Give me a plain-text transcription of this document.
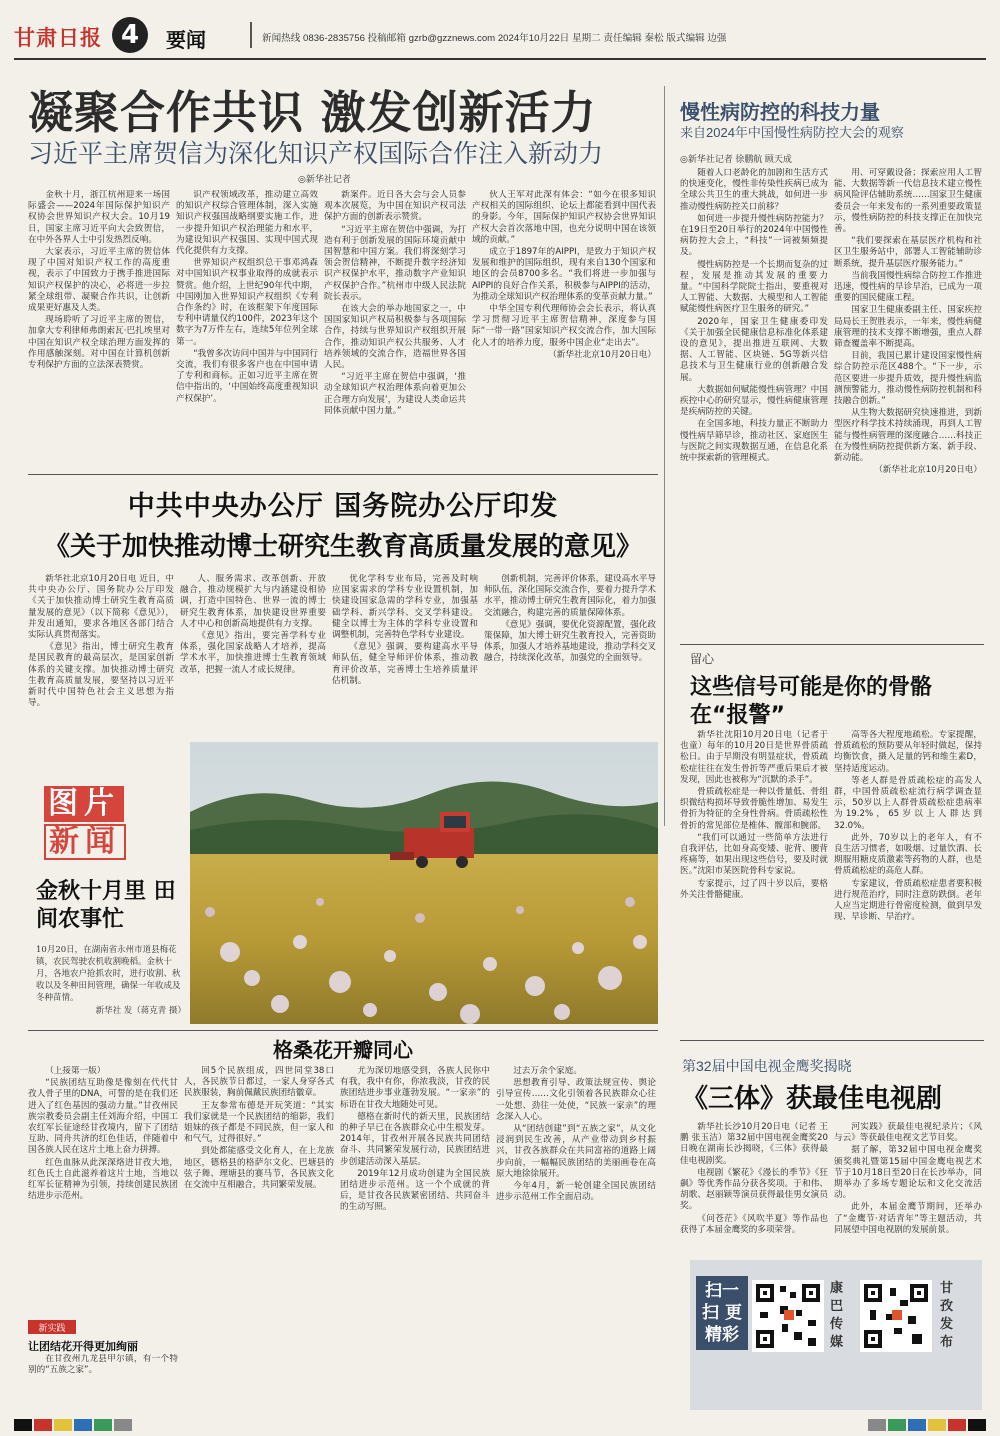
甘肃日报 4	要闻	新闻热线 0836-2835756 投稿邮箱 gzrb@gzznews.com 2024年10月22日 星期二 责任编辑 秦松 版式编辑 边强
凝聚合作共识 激发创新活力
习近平主席贺信为深化知识产权国际合作注入新动力
◎新华社记者

金秋十月，浙江杭州迎来一场国际盛会——2024年国际保护知识产权协会世界知识产权大会。10月19日，国家主席习近平向大会致贺信，在中外各界人士中引发热烈反响。

大家表示，习近平主席的贺信体现了中国对知识产权工作的高度重视，表示了中国致力于携手推进国际知识产权保护的决心，必将进一步拉紧全球组带、凝聚合作共识，让创新成果更好惠及人类。

现场聆听了习近平主席的贺信，加拿大专利律师弗朗索瓦·巴扎埃里对中国在知识产权全球治理方面发挥的作用感触深刻。对中国在计算机创新专利保护方面的立法深表赞赏。

识产权领域改革，推动建立高效的知识产权综合管理体制，深入实施知识产权强国战略纲要实施工作，进一步提升知识产权治理能力和水平，为建设知识产权强国、实现中国式现代化提供有力支撑。

世界知识产权组织总干事邓鸿森对中国知识产权事业取得的成就表示赞赏。他介绍，上世纪90年代中期，中国刚加入世界知识产权组织《专利合作条约》时，在该框架下年度国际专利申请量仅约100件，2023年这个数字为7万件左右，连续5年位列全球第一。

“我曾多次访问中国并与中国同行交流，我们有很多客户也在中国申请了专利和商标。正如习近平主席在贺信中指出的，‘中国始终高度重视知识产权保护’。

新案件。近日各大会与会人员参观本次展览，为中国在知识产权司法保护方面的创新表示赞赏。

“习近平主席在贺信中强调，为打造有利于创新发展的国际环境贡献中国智慧和中国方案。我们将深刻学习领会贺信精神，不断提升数字经济知识产权保护水平，推动数字产业知识产权保护合作。”杭州市中级人民法院院长表示。

在该大会的举办地国家之一，中国国家知识产权局积极参与各项国际合作，持续与世界知识产权组织开展合作，推动知识产权公共服务、人才培养领域的交流合作，造福世界各国人民。

“习近平主席在贺信中强调，‘推动全球知识产权治理体系向着更加公正合理方向发展’，为建设人类命运共同体贡献中国力量。”

伙人王军对此深有体会：“如今在很多知识产权相关的国际组织、论坛上都能看到中国代表的身影。今年，国际保护知识产权协会世界知识产权大会首次落地中国，也充分说明中国在该领域的贡献。”

成立于1897年的AIPPI，是致力于知识产权发展和维护的国际组织，现有来自130个国家和地区的会员8700多名。“我们将进一步加强与AIPPI的良好合作关系，积极参与AIPPI的活动，为推动全球知识产权治理体系的变革贡献力量。”

中华全国专利代理师协会会长表示，将认真学习贯彻习近平主席贺信精神，深度参与国际“一带一路”国家知识产权交流合作，加大国际化人才的培养力度，服务中国企业“走出去”。

（新华社北京10月20日电）

中共中央办公厅 国务院办公厅印发
《关于加快推动博士研究生教育高质量发展的意见》

新华社北京10月20日电 近日，中共中央办公厅、国务院办公厅印发《关于加快推动博士研究生教育高质量发展的意见》（以下简称《意见》），并发出通知，要求各地区各部门结合实际认真贯彻落实。

《意见》指出，博士研究生教育是国民教育的最高层次，是国家创新体系的关键支撑。加快推动博士研究生教育高质量发展，要坚持以习近平新时代中国特色社会主义思想为指导。

人、服务需求、改革创新、开放融合，推动规模扩大与内涵建设相协调，打造中国特色、世界一流的博士研究生教育体系，加快建设世界重要人才中心和创新高地提供有力支撑。

《意见》指出，要完善学科专业体系，强化国家战略人才培养，提高学术水平，加快推进博士生教育领域改革，把握一流人才成长规律。

优化学科专业布局，完善及时响应国家需求的学科专业设置机制，加快建设国家急需的学科专业，加强基础学科、新兴学科、交叉学科建设。健全以博士为主体的学科专业设置和调整机制，完善特色学科专业建设。

《意见》强调，要构建高水平导师队伍，健全导师评价体系，推动教育评价改革，完善博士生培养质量评估机制。

创新机制，完善评价体系，建设高水平导师队伍，深化国际交流合作，要着力提升学术水平，推动博士研究生教育国际化，着力加强交流融合，构建完善的质量保障体系。

《意见》强调，要优化资源配置，强化政策保障，加大博士研究生教育投入，完善资助体系，加强人才培养基地建设，推动学科交叉融合，持续深化改革，加强党的全面领导。

图片
新闻
金秋十月里 田间农事忙
10月20日，在湖南省永州市道县梅花镇，农民驾驶农机收割晚稻。金秋十月，各地农户抢抓农时，进行收割、秋收以及冬种田间管理，确保一年收成及冬种苗情。
新华社 发（蒋克青 摄）
格桑花开瓣同心

（上接第一版）

“民族团结互助像是像刻在代代甘孜人骨子里的DNA，可誓的是在我们还进入了红色基因的强动力量。”甘孜州民族宗教委员会副主任刘海介绍，中国工农红军长征途经甘孜境内，留下了团结互助、同舟共济的红色佳话，伴随着中国各族人民在这片土地上奋力拼搏。

红色血脉从此深深烙进甘孜大地，红色氏土自此滋养着这片土地，当地以红军长征精神为引领，持续创建民族团结进步示范州。

新实践
让团结花开得更加绚丽

在甘孜州九龙县甲尔镇，有一个特别的“五族之家”。

回5个民族组成，四世同堂38口人，各民族节日都过，一家人身穿各式民族服装，胸前佩戴民族团结徽章。

王友参常布德是开玩笑道：“其实我们家就是一个民族团结的缩影，我们姐妹的孩子都是不同民族，但一家人和和气气，过得很好。”

到处都能感受文化育人，在上龙族地区，德格县的格萨尔文化、巴塘县的弦子舞、理塘县的赛马节，各民族文化在交流中互相融合，共同繁荣发展。

尤为深切地感受到，各族人民你中有我，我中有你，你浓我淡，甘孜的民族团结进步事业蓬勃发展。“一家亲”的标语在甘孜大地随处可见。

德格在新时代的新天里，民族团结的种子早已在各族群众心中生根发芽。2014年，甘孜州开展各民族共同团结奋斗、共同繁荣发展行动，民族团结进步创建活动深入基层。

2019年12月成功创建为全国民族团结进步示范州。这一个个成就的背后，是甘孜各民族紧密团结、共同奋斗的生动写照。

过去万余个家庭。

思想教育引导、政策法规宣传、舆论引导宣传……文化引领着各民族群众心往一处想、劲往一处使，“民族一家亲”的理念深入人心。

从“团结创建”到“五族之家”，从文化浸润到民生改善，从产业带动到乡村振兴，甘孜各族群众在共同富裕的道路上阔步向前，一幅幅民族团结的美丽画卷在高原大地徐徐展开。

今年4月，新一轮创建全国民族团结进步示范州工作全面启动。

慢性病防控的科技力量
来自2024年中国慢性病防控大会的观察
◎新华社记者 徐鹏航 顾天成

随着人口老龄化的加剧和生活方式的快速变化，慢性非传染性疾病已成为全球公共卫生的重大挑战，如何进一步推动慢性病防控关口前移？

如何进一步提升慢性病防控能力？在19日至20日举行的2024年中国慢性病防控大会上，“科技”一词被频频提及。

慢性病防控是一个长期而复杂的过程，发展是推动其发展的重要力量。“中国科学院院士指出，要重视对人工智能、大数据、大模型和人工智能赋能慢性病医疗卫生服务的研究。”

2020年，国家卫生健康委印发《关于加强全民健康信息标准化体系建设的意见》，提出推进互联网、大数据、人工智能、区块链、5G等新兴信息技术与卫生健康行业的创新融合发展。

大数据如何赋能慢性病管理？中国疾控中心的研究显示，慢性病健康管理是疾病防控的关键。

在全国多地，科技力量正不断助力慢性病早筛早诊，推动社区、家庭医生与医院之间实现数据互通，在信息化系统中探索新的管理模式。

用、可穿戴设备；探索应用人工智能、大数据等新一代信息技术建立慢性病风险评估辅助系统……国家卫生健康委员会一年来发布的一系列重要政策显示，慢性病防控的科技支撑正在加快完善。

“我们要探索在基层医疗机构和社区卫生服务站中，部署人工智能辅助诊断系统，提升基层医疗服务能力。”

当前我国慢性病综合防控工作推进迅速，慢性病的早诊早治，已成为一项重要的国民健康工程。

国家卫生健康委副主任、国家疾控局局长王贺胜表示，一年来，慢性病健康管理的技术支撑不断增强，重点人群筛查覆盖率不断提高。

目前，我国已累计建设国家慢性病综合防控示范区488个。“下一步，示范区要进一步提升质效，提升慢性病监测预警能力，推动慢性病防控机制和科技融合创新。”

从生物大数据研究快速推进，到新型医疗科学技术持续涌现，再到人工智能与慢性病管理的深度融合……科技正在为慢性病防控提供新方案、新手段、新动能。

（新华社北京10月20日电）

留心
这些信号可能是你的骨骼
在“报警”

新华社沈阳10月20日电（记者于也童）每年的10月20日是世界骨质疏松日。由于早期没有明显症状，骨质疏松症往往在发生骨折等严重后果后才被发现，因此也被称为“沉默的杀手”。

骨质疏松症是一种以骨量低、骨组织微结构损坏导致骨脆性增加、易发生骨折为特征的全身性骨病。骨质疏松性骨折的常见部位是椎体、髋部和腕部。

“我们可以通过一些简单方法进行自我评估，比如身高变矮、驼背、腰背疼痛等，如果出现这些信号，要及时就医。”沈阳市某医院骨科专家说。

专家提示，过了四十岁以后，要格外关注骨骼健康。

高等各大程度地疏松。专家提醒，骨质疏松的预防要从年轻时做起，保持均衡饮食，摄入足量的钙和维生素D，坚持适度运动。

等老人群是骨质疏松症的高发人群，中国骨质疏松症流行病学调查显示，50岁以上人群骨质疏松症患病率为19.2%，65岁以上人群达到32.0%。

此外，70岁以上的老年人，有不良生活习惯者，如吸烟、过量饮酒、长期服用糖皮质激素等药物的人群，也是骨质疏松症的高危人群。

专家建议，骨质疏松症患者要积极进行规范治疗，同时注意防跌倒。老年人应当定期进行骨密度检测，做到早发现、早诊断、早治疗。

第32届中国电视金鹰奖揭晓
《三体》获最佳电视剧

新华社长沙10月20日电（记者 王鹏 张玉洁）第32届中国电视金鹰奖20日晚在湖南长沙揭晓，《三体》获得最佳电视剧奖。

电视剧《繁花》《漫长的季节》《狂飙》等优秀作品分获各奖项。于和伟、胡歌、赵丽颖等演员获得最佳男女演员奖。

《问苍茫》《风吹半夏》等作品也获得了本届金鹰奖的多项荣誉。

河实践》获最佳电视纪录片；《风与云》等获最佳电视文艺节目奖。

据了解，第32届中国电视金鹰奖颁奖典礼暨第15届中国金鹰电视艺术节于10月18日至20日在长沙举办，同期举办了多场专题论坛和文化交流活动。

此外，本届金鹰节期间，还举办了“金鹰节·对话青年”等主题活动，共同展望中国电视剧的发展前景。

扫一扫 更精彩
康巴传媒
甘孜发布
